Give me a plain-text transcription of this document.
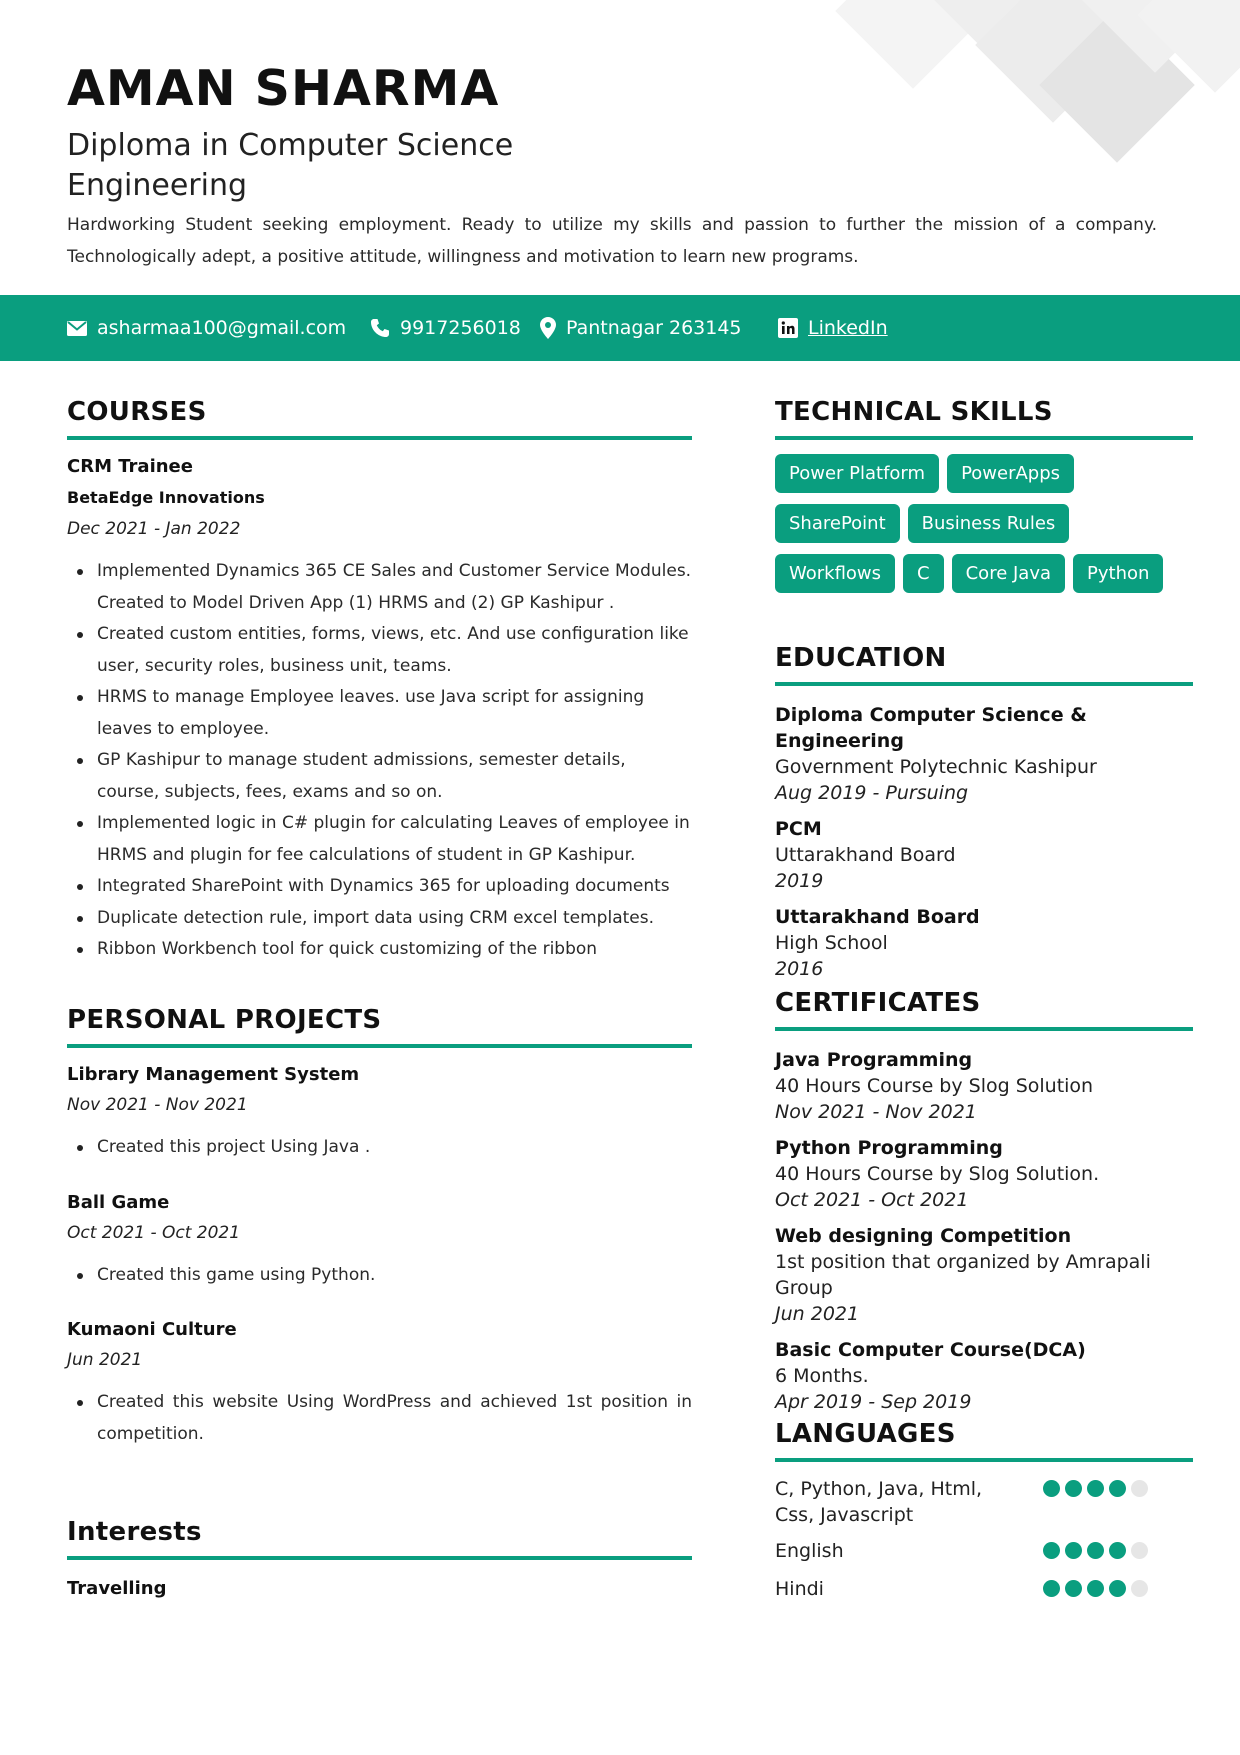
AMAN SHARMA
Diploma in Computer Science Engineering
Hardworking Student seeking employment. Ready to utilize my skills and passion to further the mission of a company. Technologically adept, a positive attitude, willingness and motivation to learn new programs.
asharmaa100@gmail.com	9917256018 Pantnagar 263145	LinkedIn
COURSES
CRM Trainee
BetaEdge Innovations
Dec 2021 - Jan 2022
Implemented Dynamics 365 CE Sales and Customer Service Modules. Created to Model Driven App (1) HRMS and (2) GP Kashipur .
Created custom entities, forms, views, etc. And use configuration like user, security roles, business unit, teams.
HRMS to manage Employee leaves. use Java script for assigning leaves to employee.
GP Kashipur to manage student admissions, semester details, course, subjects, fees, exams and so on.
Implemented logic in C# plugin for calculating Leaves of employee in HRMS and plugin for fee calculations of student in GP Kashipur.
Integrated SharePoint with Dynamics 365 for uploading documents
Duplicate detection rule, import data using CRM excel templates.
Ribbon Workbench tool for quick customizing of the ribbon
PERSONAL PROJECTS
Library Management System
Nov 2021 - Nov 2021
Created this project Using Java .
Ball Game
Oct 2021 - Oct 2021
Created this game using Python.
Kumaoni Culture
Jun 2021
Created this website Using WordPress and achieved 1st position in competition.
Interests
Travelling
TECHNICAL SKILLS
Power Platform	PowerApps
SharePoint	Business Rules
Workflows	C	Core Java	Python
EDUCATION
Diploma Computer Science & Engineering
Government Polytechnic Kashipur
Aug 2019 - Pursuing
PCM
Uttarakhand Board
2019
Uttarakhand Board
High School
2016
CERTIFICATES
Java Programming
40 Hours Course by Slog Solution
Nov 2021 - Nov 2021
Python Programming
40 Hours Course by Slog Solution.
Oct 2021 - Oct 2021
Web designing Competition
1st position that organized by Amrapali Group
Jun 2021
Basic Computer Course(DCA)
6 Months.
Apr 2019 - Sep 2019
LANGUAGES
C, Python, Java, Html, Css, Javascript
English
Hindi
